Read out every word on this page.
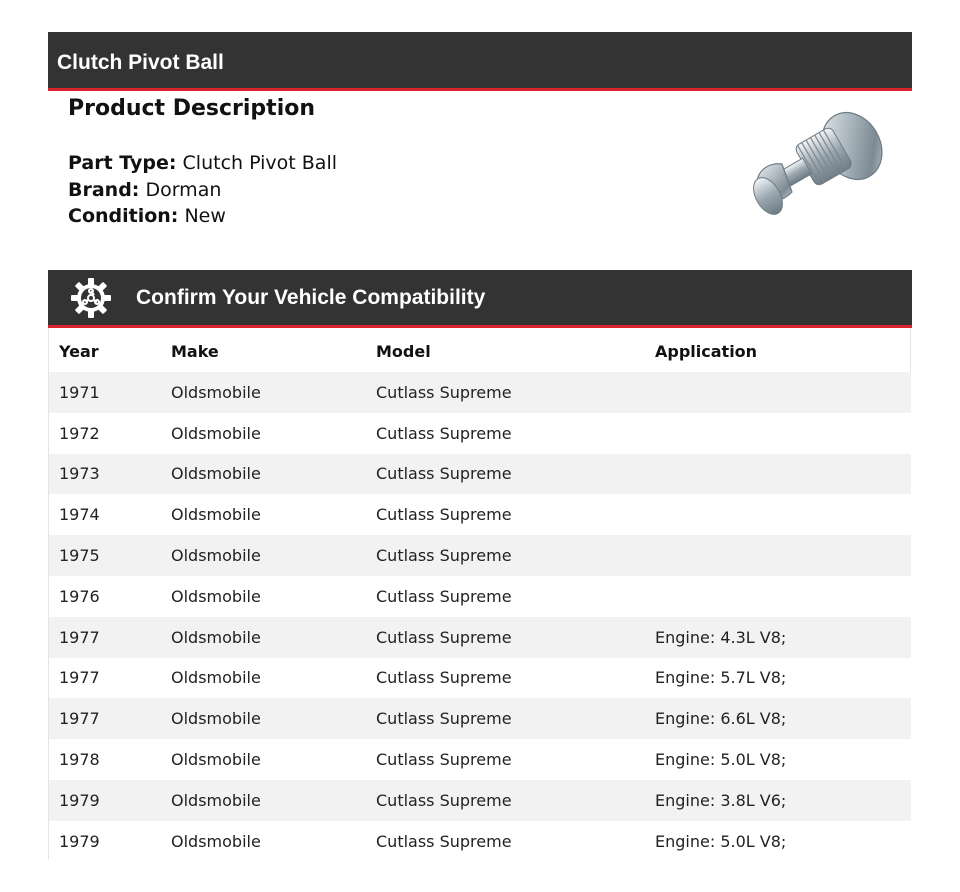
Clutch Pivot Ball
Product Description
Part Type: Clutch Pivot Ball
Brand: Dorman
Condition: New
Confirm Your Vehicle Compatibility
Year	Make	Model	Application
1971	Oldsmobile	Cutlass Supreme	
1972	Oldsmobile	Cutlass Supreme	
1973	Oldsmobile	Cutlass Supreme	
1974	Oldsmobile	Cutlass Supreme	
1975	Oldsmobile	Cutlass Supreme	
1976	Oldsmobile	Cutlass Supreme	
1977	Oldsmobile	Cutlass Supreme	Engine: 4.3L V8;
1977	Oldsmobile	Cutlass Supreme	Engine: 5.7L V8;
1977	Oldsmobile	Cutlass Supreme	Engine: 6.6L V8;
1978	Oldsmobile	Cutlass Supreme	Engine: 5.0L V8;
1979	Oldsmobile	Cutlass Supreme	Engine: 3.8L V6;
1979	Oldsmobile	Cutlass Supreme	Engine: 5.0L V8;
